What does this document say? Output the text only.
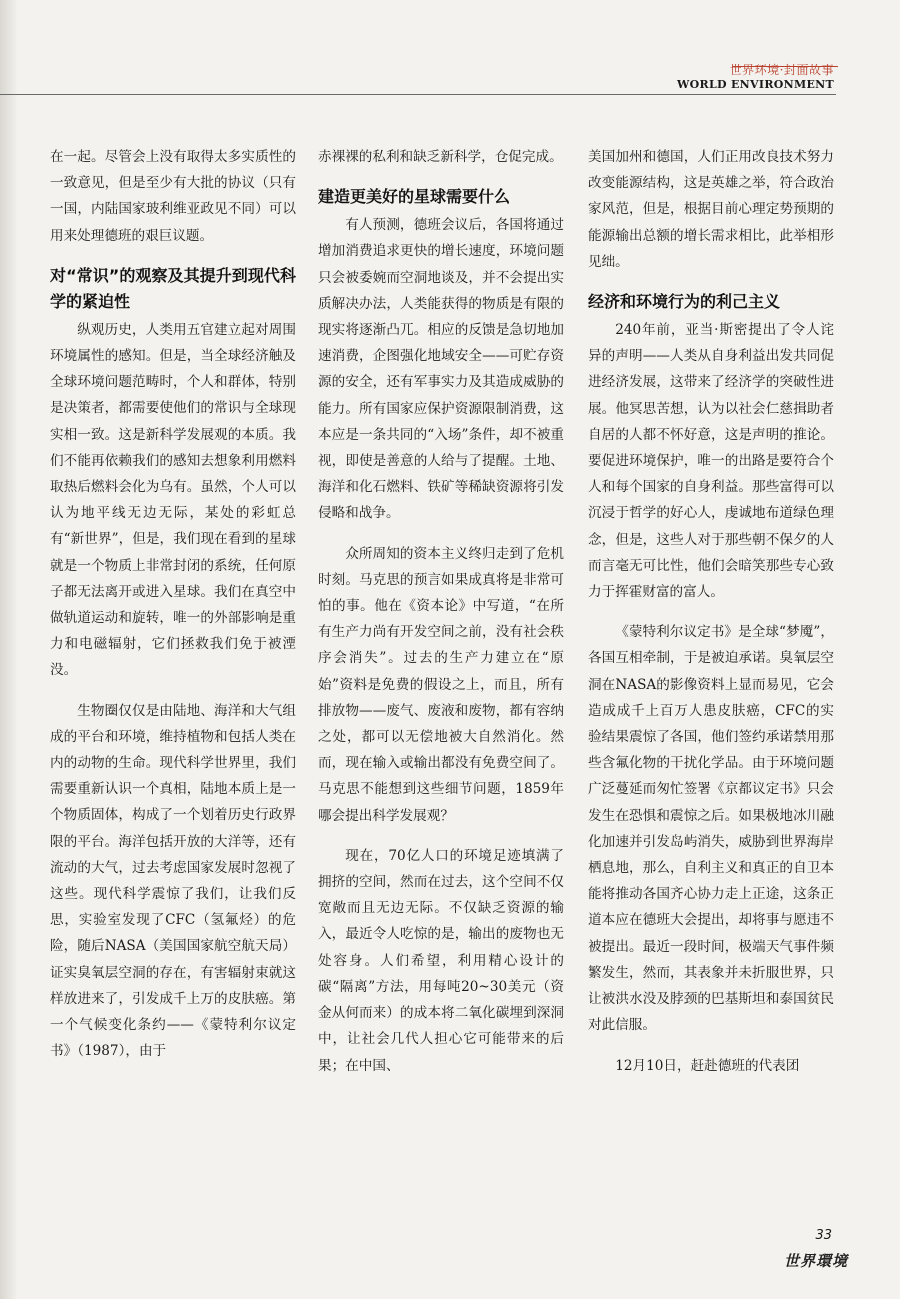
世界环境·封面故事
WORLD ENVIRONMENT

在一起。尽管会上没有取得太多实质性的一致意见，但是至少有大批的协议（只有一国，内陆国家玻利维亚政见不同）可以用来处理德班的艰巨议题。

对“常识”的观察及其提升到现代科学的紧迫性

纵观历史，人类用五官建立起对周围环境属性的感知。但是，当全球经济触及全球环境问题范畴时，个人和群体，特别是决策者，都需要使他们的常识与全球现实相一致。这是新科学发展观的本质。我们不能再依赖我们的感知去想象利用燃料取热后燃料会化为乌有。虽然，个人可以认为地平线无边无际，某处的彩虹总有“新世界”，但是，我们现在看到的星球就是一个物质上非常封闭的系统，任何原子都无法离开或进入星球。我们在真空中做轨道运动和旋转，唯一的外部影响是重力和电磁辐射，它们拯救我们免于被湮没。

生物圈仅仅是由陆地、海洋和大气组成的平台和环境，维持植物和包括人类在内的动物的生命。现代科学世界里，我们需要重新认识一个真相，陆地本质上是一个物质固体，构成了一个划着历史行政界限的平台。海洋包括开放的大洋等，还有流动的大气，过去考虑国家发展时忽视了这些。现代科学震惊了我们，让我们反思，实验室发现了CFC（氢氟烃）的危险，随后NASA（美国国家航空航天局）证实臭氧层空洞的存在，有害辐射束就这样放进来了，引发成千上万的皮肤癌。第一个气候变化条约——《蒙特利尔议定书》（1987），由于

赤裸裸的私利和缺乏新科学，仓促完成。

建造更美好的星球需要什么

有人预测，德班会议后，各国将通过增加消费追求更快的增长速度，环境问题只会被委婉而空洞地谈及，并不会提出实质解决办法，人类能获得的物质是有限的现实将逐渐凸兀。相应的反馈是急切地加速消费，企图强化地域安全——可贮存资源的安全，还有军事实力及其造成威胁的能力。所有国家应保护资源限制消费，这本应是一条共同的“入场”条件，却不被重视，即使是善意的人给与了提醒。土地、海洋和化石燃料、铁矿等稀缺资源将引发侵略和战争。

众所周知的资本主义终归走到了危机时刻。马克思的预言如果成真将是非常可怕的事。他在《资本论》中写道，“在所有生产力尚有开发空间之前，没有社会秩序会消失”。过去的生产力建立在“原始”资料是免费的假设之上，而且，所有排放物——废气、废液和废物，都有容纳之处，都可以无偿地被大自然消化。然而，现在输入或输出都没有免费空间了。马克思不能想到这些细节问题，1859年哪会提出科学发展观？

现在，70亿人口的环境足迹填满了拥挤的空间，然而在过去，这个空间不仅宽敞而且无边无际。不仅缺乏资源的输入，最近令人吃惊的是，输出的废物也无处容身。人们希望，利用精心设计的碳“隔离”方法，用每吨20~30美元（资金从何而来）的成本将二氧化碳埋到深洞中，让社会几代人担心它可能带来的后果；在中国、

美国加州和德国，人们正用改良技术努力改变能源结构，这是英雄之举，符合政治家风范，但是，根据目前心理定势预期的能源输出总额的增长需求相比，此举相形见绌。

经济和环境行为的利己主义

240年前，亚当·斯密提出了令人诧异的声明——人类从自身利益出发共同促进经济发展，这带来了经济学的突破性进展。他冥思苦想，认为以社会仁慈揖助者自居的人都不怀好意，这是声明的推论。要促进环境保护，唯一的出路是要符合个人和每个国家的自身利益。那些富得可以沉浸于哲学的好心人，虔诚地布道绿色理念，但是，这些人对于那些朝不保夕的人而言毫无可比性，他们会暗笑那些专心致力于挥霍财富的富人。

《蒙特利尔议定书》是全球“梦魇”，各国互相牵制，于是被迫承诺。臭氧层空洞在NASA的影像资料上显而易见，它会造成成千上百万人患皮肤癌，CFC的实验结果震惊了各国，他们签约承诺禁用那些含氟化物的干扰化学品。由于环境问题广泛蔓延而匆忙签署《京都议定书》只会发生在恐惧和震惊之后。如果极地冰川融化加速并引发岛屿消失，威胁到世界海岸栖息地，那么，自利主义和真正的自卫本能将推动各国齐心协力走上正途，这条正道本应在德班大会提出，却将事与愿违不被提出。最近一段时间，极端天气事件频繁发生，然而，其表象并未折服世界，只让被洪水没及脖颈的巴基斯坦和泰国贫民对此信服。

12月10日，赶赴德班的代表团

33
世界環境
